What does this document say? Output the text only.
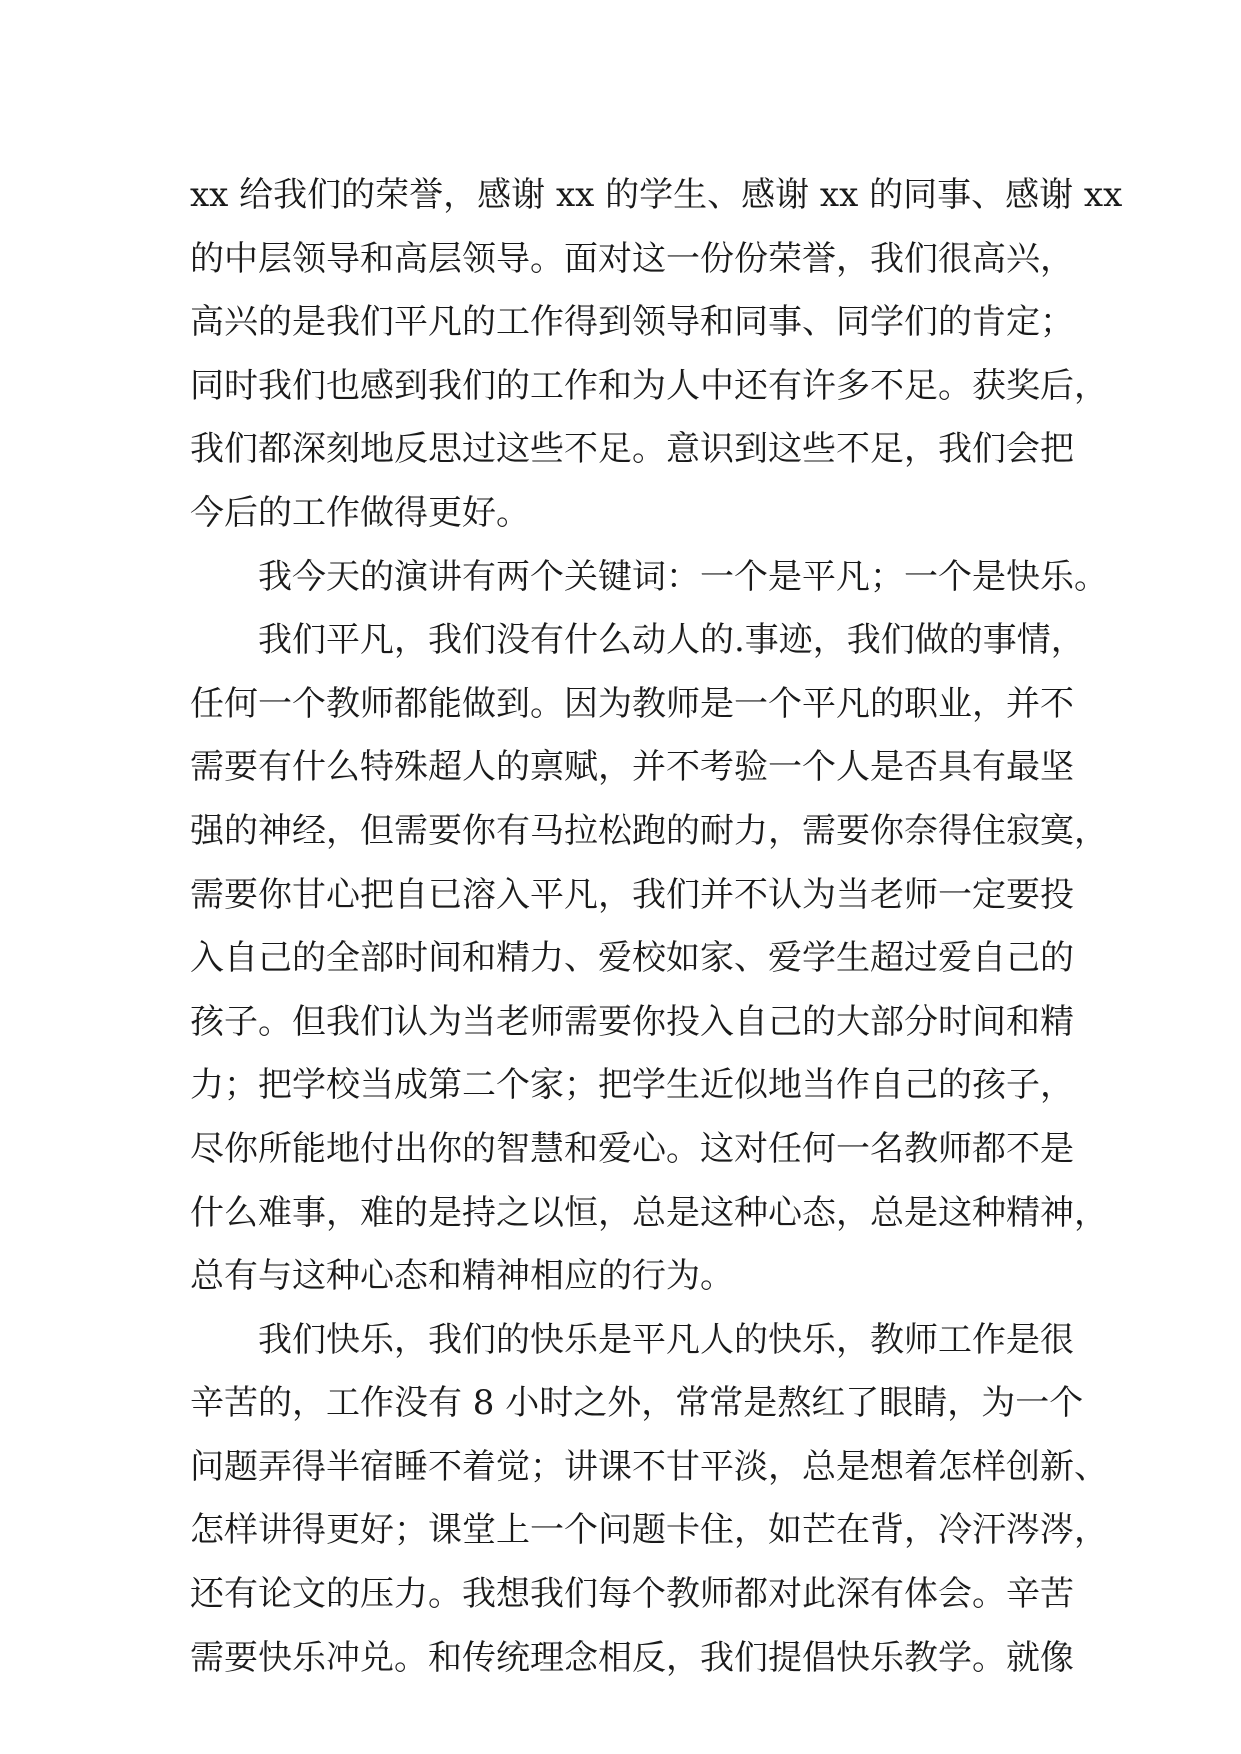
xx 给我们的荣誉，感谢 xx 的学生、感谢 xx 的同事、感谢 xx
的中层领导和高层领导。面对这一份份荣誉，我们很高兴，
高兴的是我们平凡的工作得到领导和同事、同学们的肯定；
同时我们也感到我们的工作和为人中还有许多不足。获奖后，
我们都深刻地反思过这些不足。意识到这些不足，我们会把
今后的工作做得更好。
我今天的演讲有两个关键词：一个是平凡；一个是快乐。
我们平凡，我们没有什么动人的.事迹，我们做的事情，
任何一个教师都能做到。因为教师是一个平凡的职业，并不
需要有什么特殊超人的禀赋，并不考验一个人是否具有最坚
强的神经，但需要你有马拉松跑的耐力，需要你奈得住寂寞，
需要你甘心把自已溶入平凡，我们并不认为当老师一定要投
入自己的全部时间和精力、爱校如家、爱学生超过爱自己的
孩子。但我们认为当老师需要你投入自己的大部分时间和精
力；把学校当成第二个家；把学生近似地当作自己的孩子，
尽你所能地付出你的智慧和爱心。这对任何一名教师都不是
什么难事，难的是持之以恒，总是这种心态，总是这种精神，
总有与这种心态和精神相应的行为。
我们快乐，我们的快乐是平凡人的快乐，教师工作是很
辛苦的，工作没有 8 小时之外，常常是熬红了眼睛，为一个
问题弄得半宿睡不着觉；讲课不甘平淡，总是想着怎样创新、
怎样讲得更好；课堂上一个问题卡住，如芒在背，冷汗涔涔，
还有论文的压力。我想我们每个教师都对此深有体会。辛苦
需要快乐冲兑。和传统理念相反，我们提倡快乐教学。就像
